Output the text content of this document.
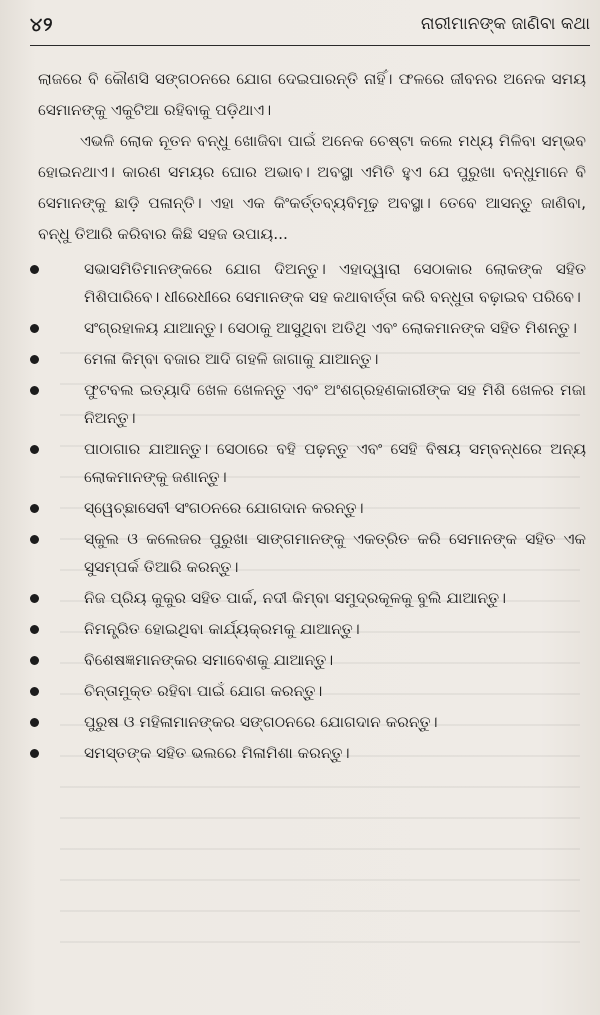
୪୨	ନାରୀମାନଙ୍କ ଜାଣିବା କଥା

ଲାଜରେ ବି କୌଣସି ସଙ୍ଗଠନରେ ଯୋଗ ଦେଇପାରନ୍ତି ନାହିଁ। ଫଳରେ ଜୀବନର ଅନେକ ସମୟ ସେମାନଙ୍କୁ ଏକୁଟିଆ ରହିବାକୁ ପଡ଼ିଥାଏ।

ଏଭଳି ଲୋକ ନୂତନ ବନ୍ଧୁ ଖୋଜିବା ପାଇଁ ଅନେକ ଚେଷ୍ଟା କଲେ ମଧ୍ୟ ମିଳିବା ସମ୍ଭବ ହୋଇନଥାଏ। କାରଣ ସମୟର ଘୋର ଅଭାବ। ଅବସ୍ଥା ଏମିତି ହୁଏ ଯେ ପୁରୁଖା ବନ୍ଧୁମାନେ ବି ସେମାନଙ୍କୁ ଛାଡ଼ି ପଳାନ୍ତି। ଏହା ଏକ କିଂକର୍ତ୍ତବ୍ୟବିମୂଢ଼ ଅବସ୍ଥା। ତେବେ ଆସନ୍ତୁ ଜାଣିବା, ବନ୍ଧୁ ତିଆରି କରିବାର କିଛି ସହଜ ଉପାୟ...

ସଭାସମିତିମାନଙ୍କରେ ଯୋଗ ଦିଅନ୍ତୁ। ଏହାଦ୍ୱାରା ସେଠାକାର ଲୋକଙ୍କ ସହିତ ମିଶିପାରିବେ। ଧୀରେଧୀରେ ସେମାନଙ୍କ ସହ କଥାବାର୍ତ୍ତା କରି ବନ୍ଧୁତା ବଢ଼ାଇବ ପରିବେ।
ସଂଗ୍ରହାଳୟ ଯାଆନ୍ତୁ। ସେଠାକୁ ଆସୁଥିବା ଅତିଥି ଏବଂ ଲୋକମାନଙ୍କ ସହିତ ମିଶନ୍ତୁ।
ମେଳା କିମ୍ବା ବଜାର ଆଦି ଗହଳି ଜାଗାକୁ ଯାଆନ୍ତୁ।
ଫୁଟବଲ ଇତ୍ୟାଦି ଖେଳ ଖେଳନ୍ତୁ ଏବଂ ଅଂଶଗ୍ରହଣକାରୀଙ୍କ ସହ ମିଶି ଖେଳର ମଜା ନିଅନ୍ତୁ।
ପାଠାଗାର ଯାଆନ୍ତୁ। ସେଠାରେ ବହି ପଢ଼ନ୍ତୁ ଏବଂ ସେହି ବିଷୟ ସମ୍ବନ୍ଧରେ ଅନ୍ୟ ଲୋକମାନଙ୍କୁ ଜଣାନ୍ତୁ।
ସ୍ୱେଚ୍ଛାସେବୀ ସଂଗଠନରେ ଯୋଗଦାନ କରନ୍ତୁ।
ସ୍କୁଲ ଓ କଲେଜର ପୁରୁଖା ସାଙ୍ଗମାନଙ୍କୁ ଏକତ୍ରିତ କରି ସେମାନଙ୍କ ସହିତ ଏକ ସୁସମ୍ପର୍କ ତିଆରି କରନ୍ତୁ।
ନିଜ ପ୍ରିୟ କୁକୁର ସହିତ ପାର୍କ, ନଦୀ କିମ୍ବା ସମୁଦ୍ରକୂଳକୁ ବୁଲି ଯାଆନ୍ତୁ।
ନିମନ୍ତ୍ରିତ ହୋଇଥିବା କାର୍ଯ୍ୟକ୍ରମକୁ ଯାଆନ୍ତୁ।
ବିଶେଷଜ୍ଞମାନଙ୍କର ସମାବେଶକୁ ଯାଆନ୍ତୁ।
ଚିନ୍ତାମୁକ୍ତ ରହିବା ପାଇଁ ଯୋଗ କରନ୍ତୁ।
ପୁରୁଷ ଓ ମହିଳାମାନଙ୍କର ସଙ୍ଗଠନରେ ଯୋଗଦାନ କରନ୍ତୁ।
ସମସ୍ତଙ୍କ ସହିତ ଭଲରେ ମିଳାମିଶା କରନ୍ତୁ।
